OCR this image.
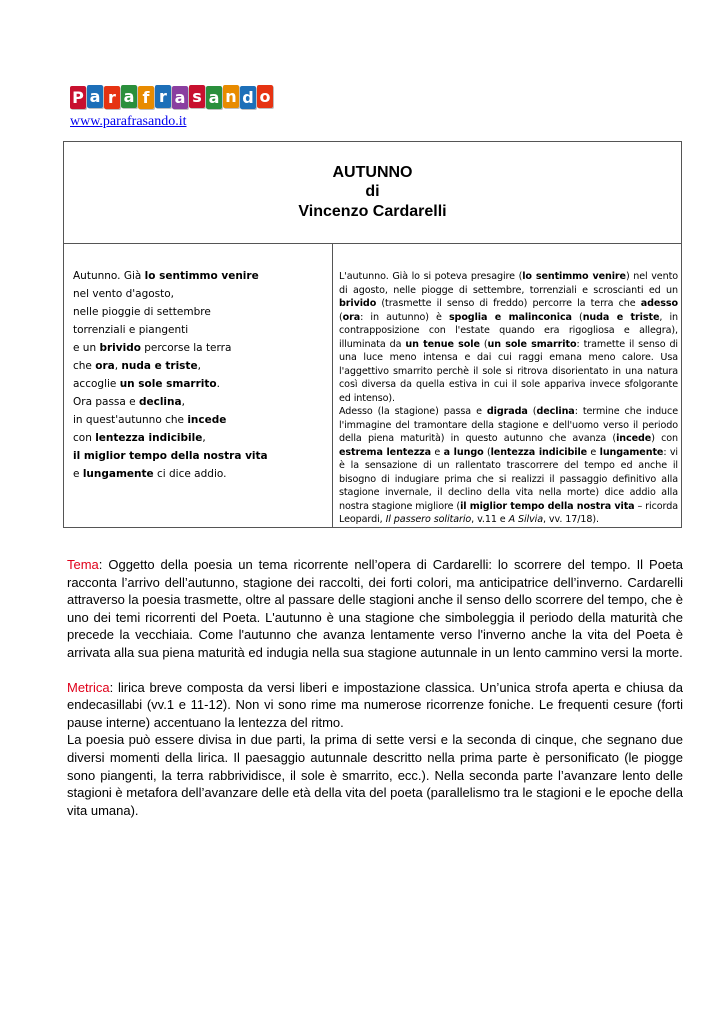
P a r a f r a s a n d o
www.parafrasando.it
AUTUNNO
di
Vincenzo Cardarelli
Autunno. Già lo sentimmo venire
nel vento d'agosto,
nelle pioggie di settembre
torrenziali e piangenti
e un brivido percorse la terra
che ora, nuda e triste,
accoglie un sole smarrito.
Ora passa e declina,
in quest'autunno che incede
con lentezza indicibile,
il miglior tempo della nostra vita
e lungamente ci dice addio.

L'autunno. Già lo si poteva presagire (lo sentimmo venire) nel vento di agosto, nelle piogge di settembre, torrenziali e scroscianti ed un brivido (trasmette il senso di freddo) percorre la terra che adesso (ora: in autunno) è spoglia e malinconica (nuda e triste, in contrapposizione con l'estate quando era rigogliosa e allegra), illuminata da un tenue sole (un sole smarrito: tramette il senso di una luce meno intensa e dai cui raggi emana meno calore. Usa l'aggettivo smarrito perchè il sole si ritrova disorientato in una natura così diversa da quella estiva in cui il sole appariva invece sfolgorante ed intenso).

Adesso (la stagione) passa e digrada (declina: termine che induce l'immagine del tramontare della stagione e dell'uomo verso il periodo della piena maturità) in questo autunno che avanza (incede) con estrema lentezza e a lungo (lentezza indicibile e lungamente: vi è la sensazione di un rallentato trascorrere del tempo ed anche il bisogno di indugiare prima che si realizzi il passaggio definitivo alla stagione invernale, il declino della vita nella morte) dice addio alla nostra stagione migliore (il miglior tempo della nostra vita – ricorda Leopardi, Il passero solitario, v.11 e A Silvia, vv. 17/18).

Tema: Oggetto della poesia un tema ricorrente nell’opera di Cardarelli: lo scorrere del tempo. Il Poeta racconta l’arrivo dell’autunno, stagione dei raccolti, dei forti colori, ma anticipatrice dell’inverno. Cardarelli attraverso la poesia trasmette, oltre al passare delle stagioni anche il senso dello scorrere del tempo, che è uno dei temi ricorrenti del Poeta. L'autunno è una stagione che simboleggia il periodo della maturità che precede la vecchiaia. Come l'autunno che avanza lentamente verso l'inverno anche la vita del Poeta è arrivata alla sua piena maturità ed indugia nella sua stagione autunnale in un lento cammino versi la morte.

Metrica: lirica breve composta da versi liberi e impostazione classica. Un’unica strofa aperta e chiusa da endecasillabi (vv.1 e 11-12). Non vi sono rime ma numerose ricorrenze foniche. Le frequenti cesure (forti pause interne) accentuano la lentezza del ritmo.

La poesia può essere divisa in due parti, la prima di sette versi e la seconda di cinque, che segnano due diversi momenti della lirica. Il paesaggio autunnale descritto nella prima parte è personificato (le piogge sono piangenti, la terra rabbrividisce, il sole è smarrito, ecc.). Nella seconda parte l’avanzare lento delle stagioni è metafora dell’avanzare delle età della vita del poeta (parallelismo tra le stagioni e le epoche della vita umana).
